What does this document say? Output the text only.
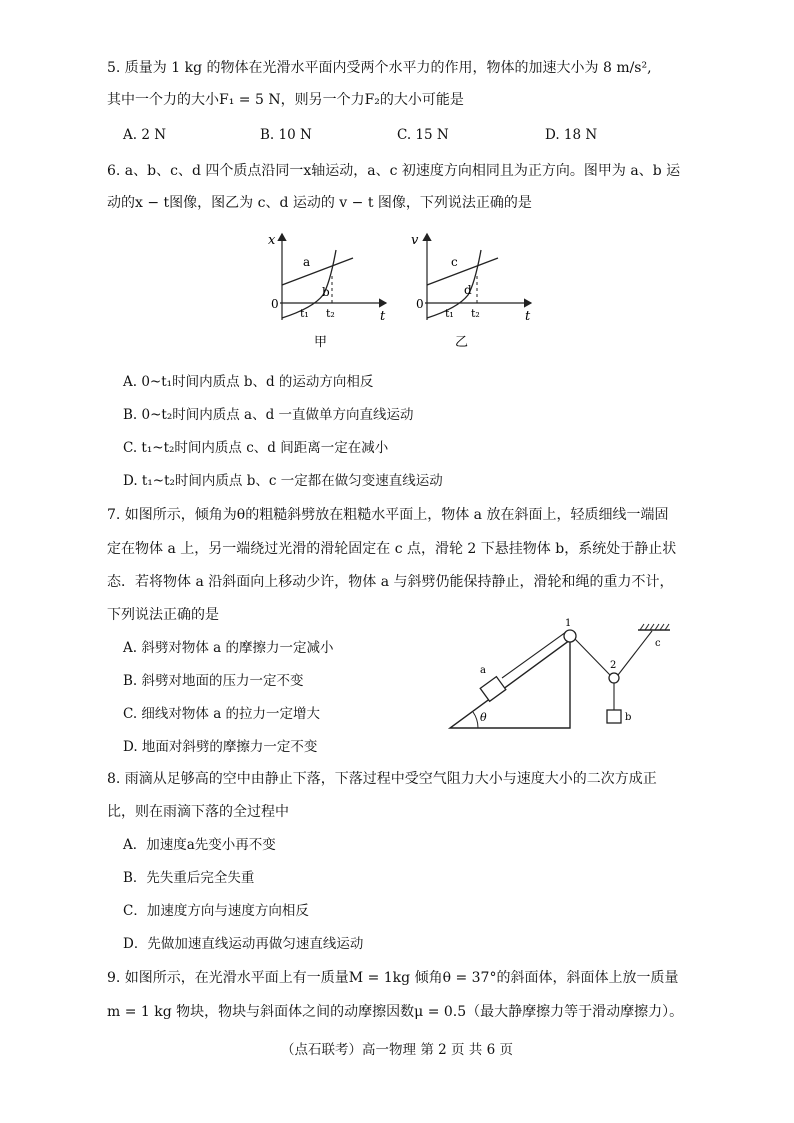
5. 质量为 1 kg 的物体在光滑水平面内受两个水平力的作用，物体的加速大小为 8 m/s²,
其中一个力的大小F₁ = 5 N，则另一个力F₂的大小可能是
A. 2 N	B. 10 N	C. 15 N	D. 18 N
6. a、b、c、d 四个质点沿同一x轴运动，a、c 初速度方向相同且为正方向。图甲为 a、b 运
动的x − t图像，图乙为 c、d 运动的 v − t 图像，下列说法正确的是
x
t
0
a
b
t₁ t₂
甲
v
t
0
c
d
t₁ t₂
乙
A. 0~t₁时间内质点 b、d 的运动方向相反
B. 0~t₂时间内质点 a、d 一直做单方向直线运动
C. t₁~t₂时间内质点 c、d 间距离一定在减小
D. t₁~t₂时间内质点 b、c 一定都在做匀变速直线运动
7. 如图所示，倾角为θ的粗糙斜劈放在粗糙水平面上，物体 a 放在斜面上，轻质细线一端固
定在物体 a 上，另一端绕过光滑的滑轮固定在 c 点，滑轮 2 下悬挂物体 b，系统处于静止状
态．若将物体 a 沿斜面向上移动少许，物体 a 与斜劈仍能保持静止，滑轮和绳的重力不计，
下列说法正确的是
A. 斜劈对物体 a 的摩擦力一定减小
B. 斜劈对地面的压力一定不变
C. 细线对物体 a 的拉力一定增大
D. 地面对斜劈的摩擦力一定不变
θ
a
1
c
2
b
8. 雨滴从足够高的空中由静止下落，下落过程中受空气阻力大小与速度大小的二次方成正
比，则在雨滴下落的全过程中
A．加速度a先变小再不变
B．先失重后完全失重
C．加速度方向与速度方向相反
D．先做加速直线运动再做匀速直线运动
9. 如图所示，在光滑水平面上有一质量M = 1kg 倾角θ = 37°的斜面体，斜面体上放一质量
m = 1 kg 物块，物块与斜面体之间的动摩擦因数μ = 0.5（最大静摩擦力等于滑动摩擦力）。
（点石联考）高一物理 第 2 页 共 6 页
